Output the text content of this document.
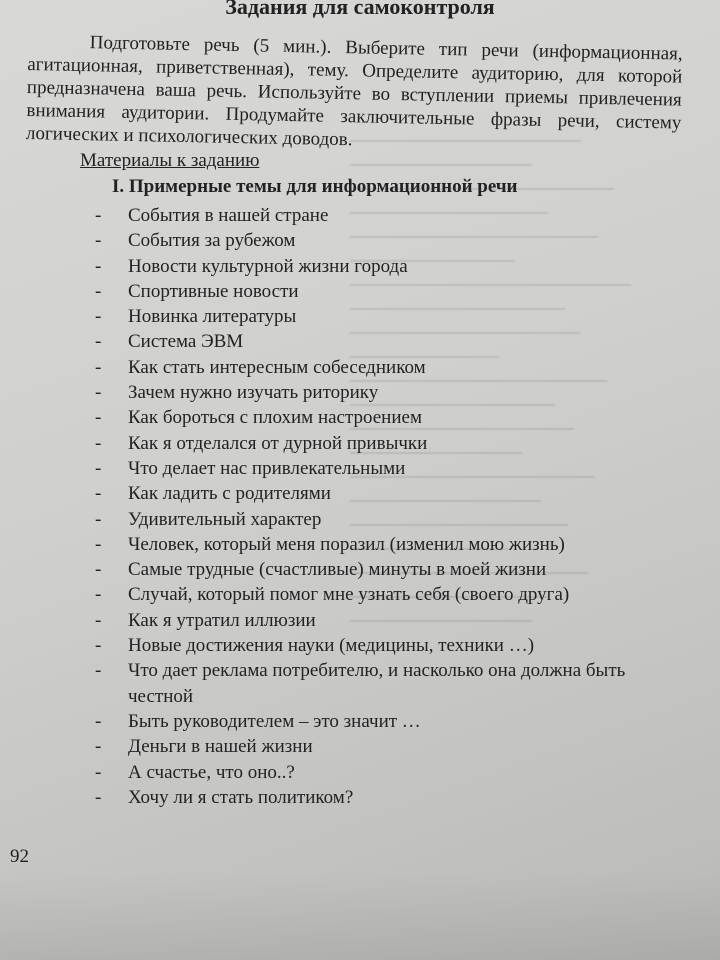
Задания для самоконтроля
Подготовьте речь (5 мин.). Выберите тип речи (информационная, агитационная, приветственная), тему. Определите аудиторию, для которой предназначена ваша речь. Используйте во вступлении приемы привлечения внимания аудитории. Продумайте заключительные фразы речи, систему логических и психологических доводов.
Материалы к заданию
I. Примерные темы для информационной речи
- События в нашей стране
- События за рубежом
- Новости культурной жизни города
- Спортивные новости
- Новинка литературы
- Система ЭВМ
- Как стать интересным собеседником
- Зачем нужно изучать риторику
- Как бороться с плохим настроением
- Как я отделался от дурной привычки
- Что делает нас привлекательными
- Как ладить с родителями
- Удивительный характер
- Человек, который меня поразил (изменил мою жизнь)
- Самые трудные (счастливые) минуты в моей жизни
- Случай, который помог мне узнать себя (своего друга)
- Как я утратил иллюзии
- Новые достижения науки (медицины, техники …)
- Что дает реклама потребителю, и насколько она должна быть честной
- Быть руководителем – это значит …
- Деньги в нашей жизни
- А счастье, что оно..?
- Хочу ли я стать политиком?
92
